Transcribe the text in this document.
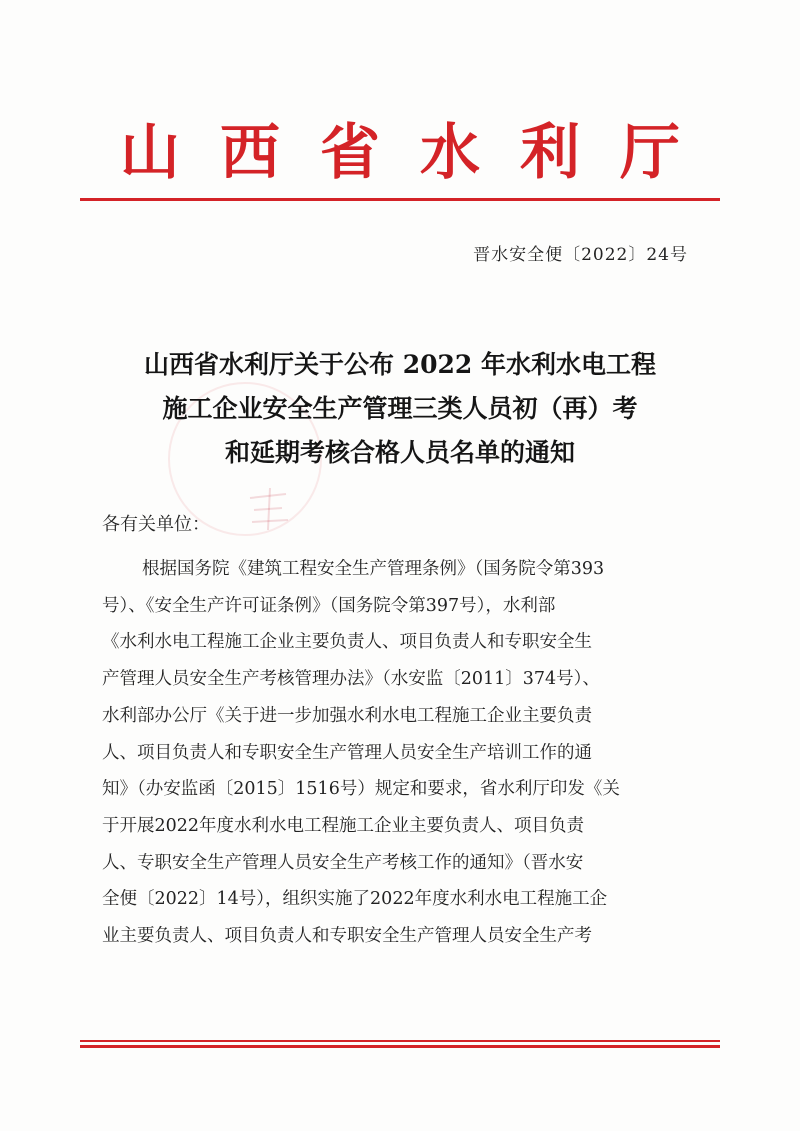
山西省水利厅
晋水安全便〔2022〕24号
山西省水利厅关于公布 2022 年水利水电工程
施工企业安全生产管理三类人员初（再）考
和延期考核合格人员名单的通知
各有关单位：
根据国务院《建筑工程安全生产管理条例》（国务院令第393
号）、《安全生产许可证条例》（国务院令第397号），水利部
《水利水电工程施工企业主要负责人、项目负责人和专职安全生
产管理人员安全生产考核管理办法》（水安监〔2011〕374号）、
水利部办公厅《关于进一步加强水利水电工程施工企业主要负责
人、项目负责人和专职安全生产管理人员安全生产培训工作的通
知》（办安监函〔2015〕1516号）规定和要求，省水利厅印发《关
于开展2022年度水利水电工程施工企业主要负责人、项目负责
人、专职安全生产管理人员安全生产考核工作的通知》（晋水安
全便〔2022〕14号），组织实施了2022年度水利水电工程施工企
业主要负责人、项目负责人和专职安全生产管理人员安全生产考
